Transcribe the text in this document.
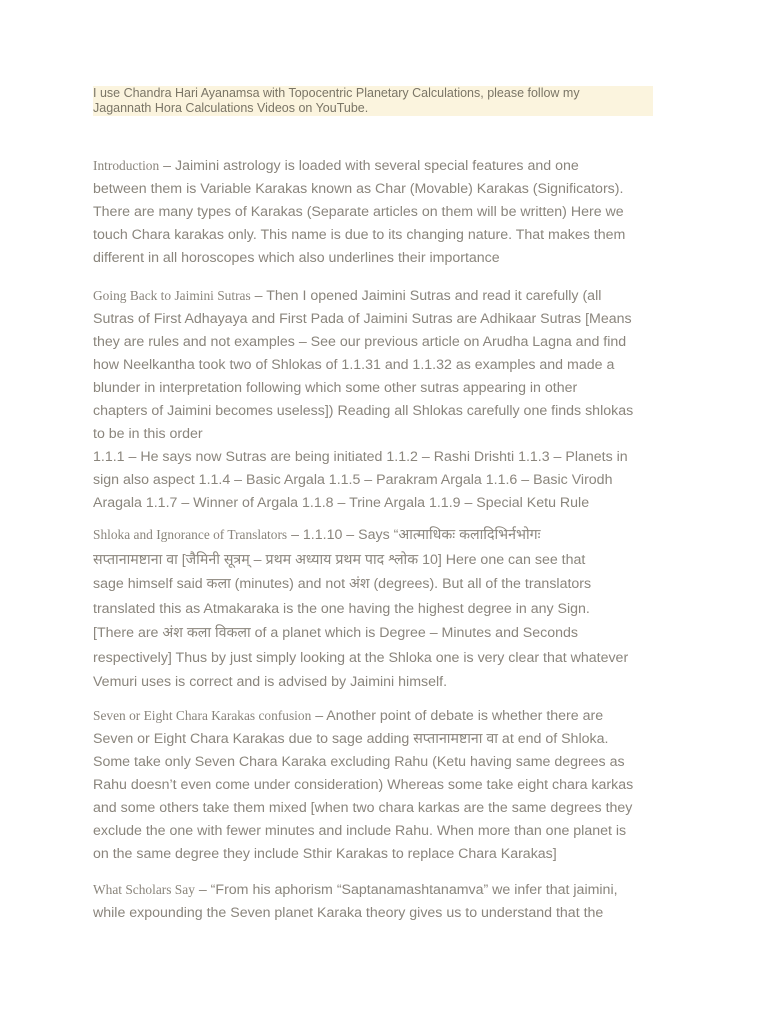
I use Chandra Hari Ayanamsa with Topocentric Planetary Calculations, please follow my
Jagannath Hora Calculations Videos on YouTube.

Introduction – Jaimini astrology is loaded with several special features and one
between them is Variable Karakas known as Char (Movable) Karakas (Significators).
There are many types of Karakas (Separate articles on them will be written) Here we
touch Chara karakas only. This name is due to its changing nature. That makes them
different in all horoscopes which also underlines their importance

Going Back to Jaimini Sutras – Then I opened Jaimini Sutras and read it carefully (all
Sutras of First Adhayaya and First Pada of Jaimini Sutras are Adhikaar Sutras [Means
they are rules and not examples – See our previous article on Arudha Lagna and find
how Neelkantha took two of Shlokas of 1.1.31 and 1.1.32 as examples and made a
blunder in interpretation following which some other sutras appearing in other
chapters of Jaimini becomes useless]) Reading all Shlokas carefully one finds shlokas
to be in this order
1.1.1 – He says now Sutras are being initiated 1.1.2 – Rashi Drishti 1.1.3 – Planets in
sign also aspect 1.1.4 – Basic Argala 1.1.5 – Parakram Argala 1.1.6 – Basic Virodh
Aragala 1.1.7 – Winner of Argala 1.1.8 – Trine Argala 1.1.9 – Special Ketu Rule

Shloka and Ignorance of Translators – 1.1.10 – Says “आत्माधिकः कलादिभिर्नभोगः
सप्तानामष्टाना वा [जैमिनी सूत्रम् – प्रथम अध्याय प्रथम पाद श्लोक 10] Here one can see that
sage himself said कला (minutes) and not अंश (degrees). But all of the translators
translated this as Atmakaraka is the one having the highest degree in any Sign.
[There are अंश कला विकला of a planet which is Degree – Minutes and Seconds
respectively] Thus by just simply looking at the Shloka one is very clear that whatever
Vemuri uses is correct and is advised by Jaimini himself.

Seven or Eight Chara Karakas confusion – Another point of debate is whether there are
Seven or Eight Chara Karakas due to sage adding सप्तानामष्टाना वा at end of Shloka.
Some take only Seven Chara Karaka excluding Rahu (Ketu having same degrees as
Rahu doesn’t even come under consideration) Whereas some take eight chara karkas
and some others take them mixed [when two chara karkas are the same degrees they
exclude the one with fewer minutes and include Rahu. When more than one planet is
on the same degree they include Sthir Karakas to replace Chara Karakas]

What Scholars Say – “From his aphorism “Saptanamashtanamva” we infer that jaimini,
while expounding the Seven planet Karaka theory gives us to understand that the
